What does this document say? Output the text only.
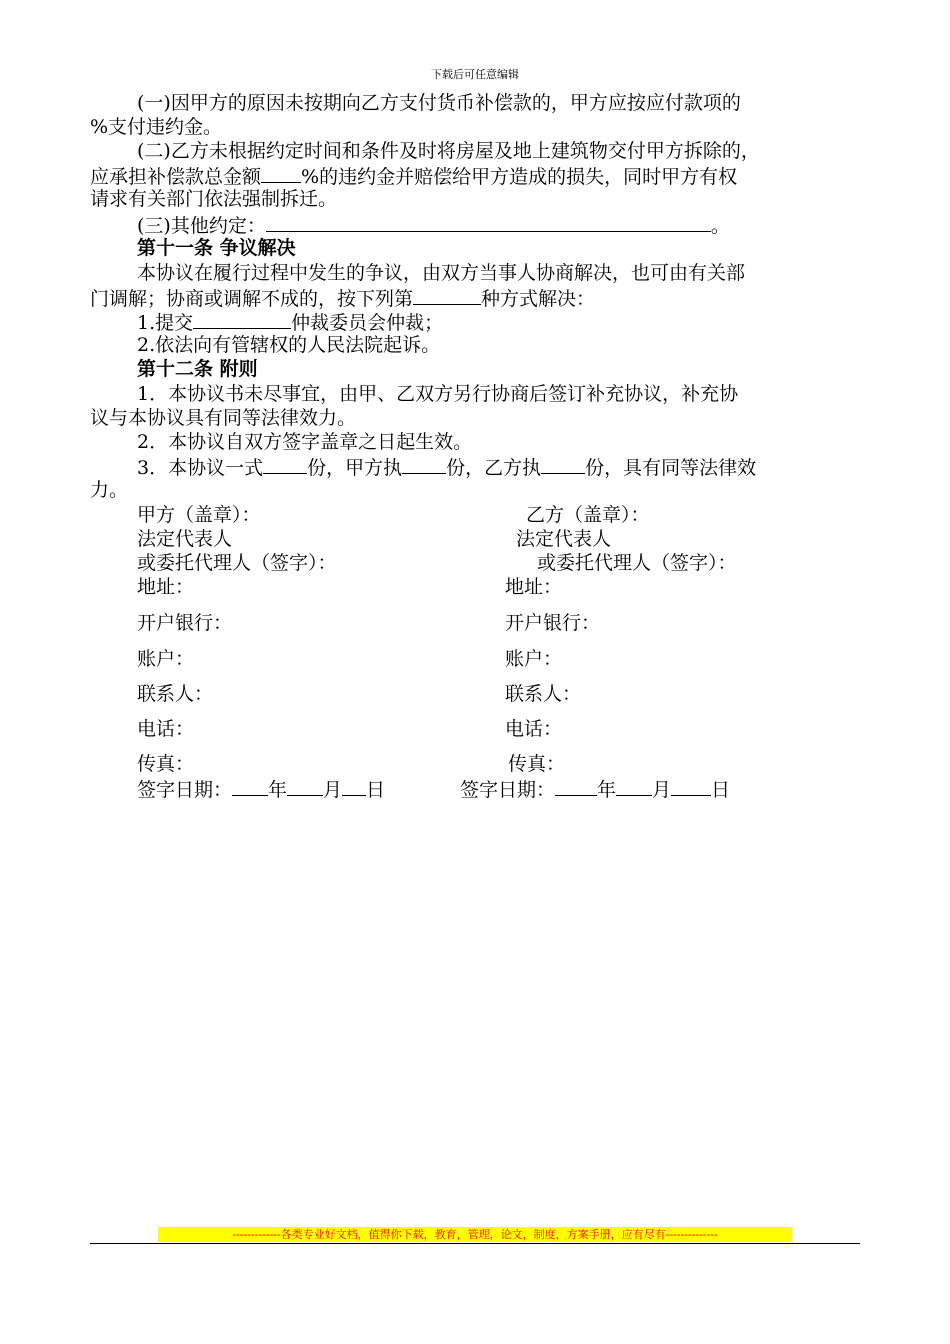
下载后可任意编辑
(一)因甲方的原因未按期向乙方支付货币补偿款的，甲方应按应付款项的
%支付违约金。
(二)乙方未根据约定时间和条件及时将房屋及地上建筑物交付甲方拆除的，
应承担补偿款总金额 %的违约金并赔偿给甲方造成的损失，同时甲方有权
请求有关部门依法强制拆迁。
(三)其他约定：	。
第十一条 争议解决
本协议在履行过程中发生的争议，由双方当事人协商解决，也可由有关部
门调解；协商或调解不成的，按下列第	种方式解决：
1.提交	仲裁委员会仲裁；
2.依法向有管辖权的人民法院起诉。
第十二条 附则
1．本协议书未尽事宜，由甲、乙双方另行协商后签订补充协议，补充协
议与本协议具有同等法律效力。
2．本协议自双方签字盖章之日起生效。
3．本协议一式 份，甲方执 份，乙方执 份，具有同等法律效
力。
甲方（盖章）：	乙方（盖章）：
法定代表人	法定代表人
或委托代理人（签字）：	或委托代理人（签字）：
地址：	地址：
开户银行：	开户银行：
账户：	账户：
联系人：	联系人：
电话：	电话：
传真：	传真：
签字日期： 年 月 日	签字日期： 年 月 日
-------------各类专业好文档，值得你下载，教育，管理，论文，制度，方案手册，应有尽有--------------
